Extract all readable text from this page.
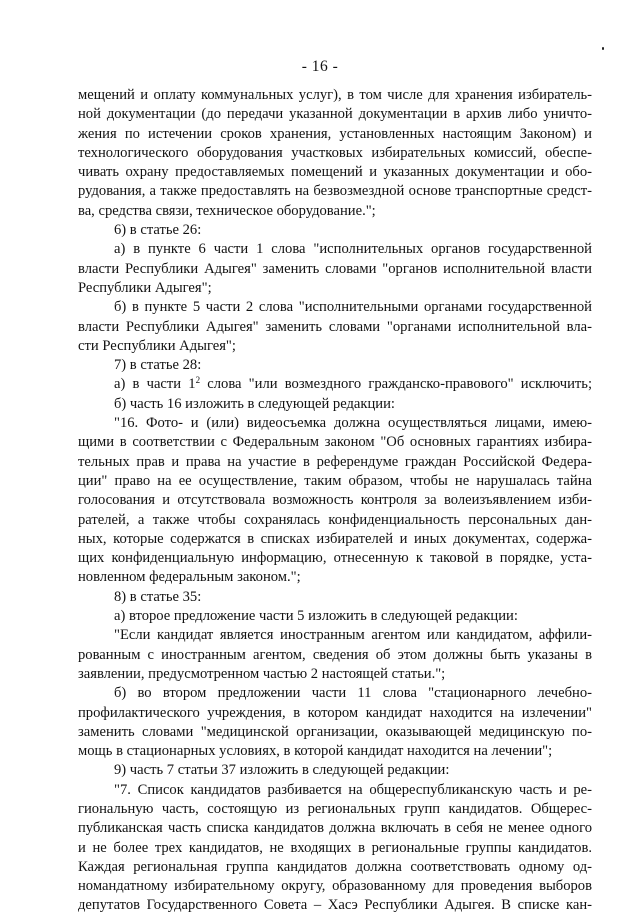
- 16 -
мещений и оплату коммунальных услуг), в том числе для хранения избиратель-
ной документации (до передачи указанной документации в архив либо уничто-
жения по истечении сроков хранения, установленных настоящим Законом) и
технологического оборудования участковых избирательных комиссий, обеспе-
чивать охрану предоставляемых помещений и указанных документации и обо-
рудования, а также предоставлять на безвозмездной основе транспортные средст-
ва, средства связи, техническое оборудование.";
6) в статье 26:
а) в пункте 6 части 1 слова "исполнительных органов государственной
власти Республики Адыгея" заменить словами "органов исполнительной власти
Республики Адыгея";
б) в пункте 5 части 2 слова "исполнительными органами государственной
власти Республики Адыгея" заменить словами "органами исполнительной вла-
сти Республики Адыгея";
7) в статье 28:
а) в части $1^2$ слова "или возмездного гражданско-правового" исключить;
б) часть 16 изложить в следующей редакции:
"16. Фото- и (или) видеосъемка должна осуществляться лицами, имею-
щими в соответствии с Федеральным законом "Об основных гарантиях избира-
тельных прав и права на участие в референдуме граждан Российской Федера-
ции" право на ее осуществление, таким образом, чтобы не нарушалась тайна
голосования и отсутствовала возможность контроля за волеизъявлением изби-
рателей, а также чтобы сохранялась конфиденциальность персональных дан-
ных, которые содержатся в списках избирателей и иных документах, содержа-
щих конфиденциальную информацию, отнесенную к таковой в порядке, уста-
новленном федеральным законом.";
8) в статье 35:
а) второе предложение части 5 изложить в следующей редакции:
"Если кандидат является иностранным агентом или кандидатом, аффили-
рованным с иностранным агентом, сведения об этом должны быть указаны в
заявлении, предусмотренном частью 2 настоящей статьи.";
б) во втором предложении части 11 слова "стационарного лечебно-
профилактического учреждения, в котором кандидат находится на излечении"
заменить словами "медицинской организации, оказывающей медицинскую по-
мощь в стационарных условиях, в которой кандидат находится на лечении";
9) часть 7 статьи 37 изложить в следующей редакции:
"7. Список кандидатов разбивается на общереспубликанскую часть и ре-
гиональную часть, состоящую из региональных групп кандидатов. Общерес-
публиканская часть списка кандидатов должна включать в себя не менее одного
и не более трех кандидатов, не входящих в региональные группы кандидатов.
Каждая региональная группа кандидатов должна соответствовать одному од-
номандатному избирательному округу, образованному для проведения выборов
депутатов Государственного Совета – Хасэ Республики Адыгея. В списке кан-
